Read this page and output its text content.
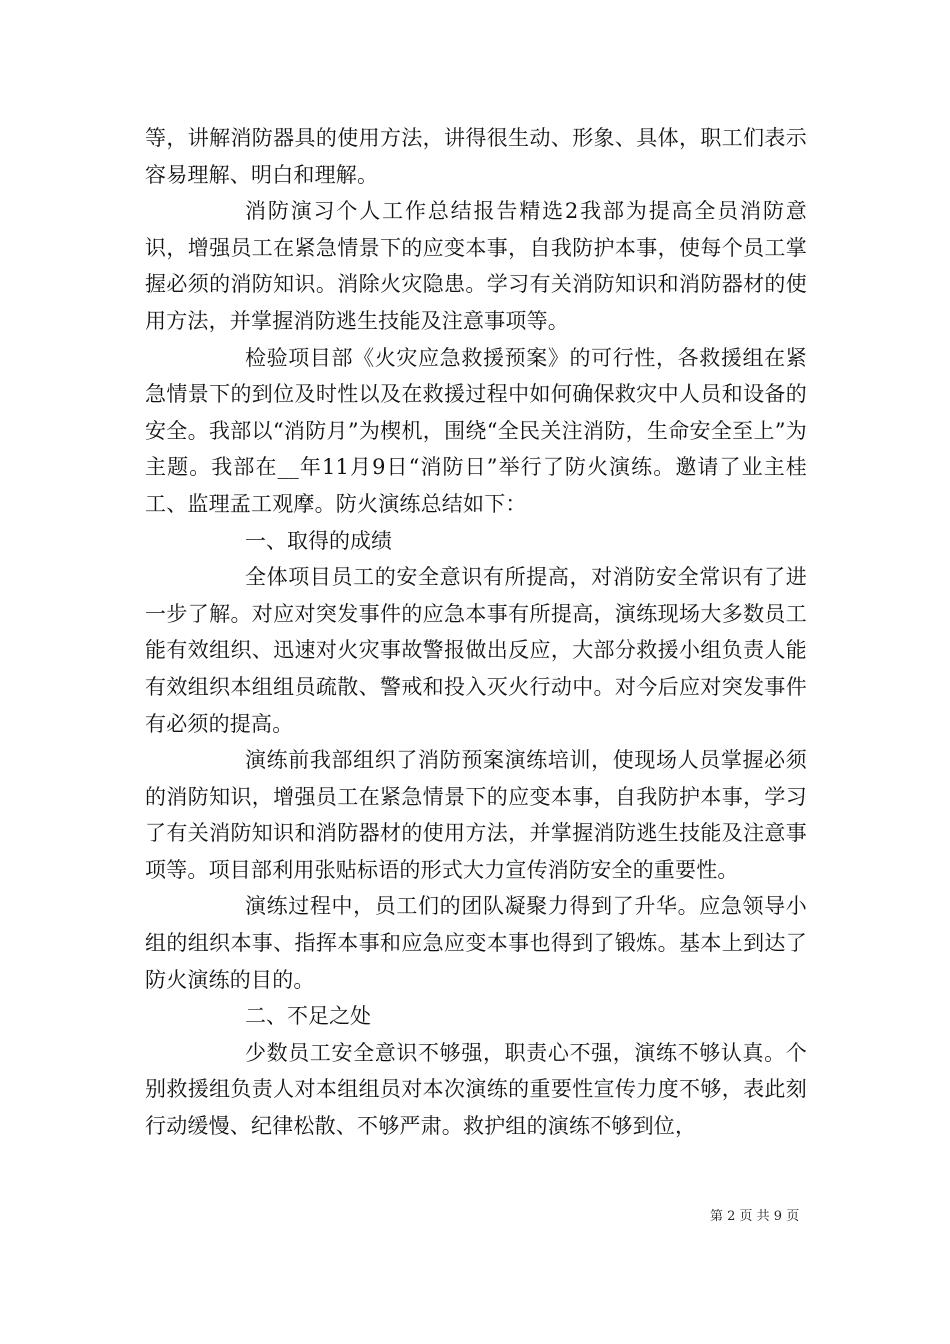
等，讲解消防器具的使用方法，讲得很生动、形象、具体，职工们表示容易理解、明白和理解。

消防演习个人工作总结报告精选2我部为提高全员消防意识，增强员工在紧急情景下的应变本事，自我防护本事，使每个员工掌握必须的消防知识。消除火灾隐患。学习有关消防知识和消防器材的使用方法，并掌握消防逃生技能及注意事项等。

检验项目部《火灾应急救援预案》的可行性，各救援组在紧急情景下的到位及时性以及在救援过程中如何确保救灾中人员和设备的安全。我部以“消防月”为楔机，围绕“全民关注消防，生命安全至上”为主题。我部在__年11月9日“消防日”举行了防火演练。邀请了业主桂工、监理孟工观摩。防火演练总结如下：

一、取得的成绩

全体项目员工的安全意识有所提高，对消防安全常识有了进一步了解。对应对突发事件的应急本事有所提高，演练现场大多数员工能有效组织、迅速对火灾事故警报做出反应，大部分救援小组负责人能有效组织本组组员疏散、警戒和投入灭火行动中。对今后应对突发事件有必须的提高。

演练前我部组织了消防预案演练培训，使现场人员掌握必须的消防知识，增强员工在紧急情景下的应变本事，自我防护本事，学习了有关消防知识和消防器材的使用方法，并掌握消防逃生技能及注意事项等。项目部利用张贴标语的形式大力宣传消防安全的重要性。

演练过程中，员工们的团队凝聚力得到了升华。应急领导小组的组织本事、指挥本事和应急应变本事也得到了锻炼。基本上到达了防火演练的目的。

二、不足之处

少数员工安全意识不够强，职责心不强，演练不够认真。个别救援组负责人对本组组员对本次演练的重要性宣传力度不够，表此刻行动缓慢、纪律松散、不够严肃。救护组的演练不够到位，

第 2 页 共 9 页
